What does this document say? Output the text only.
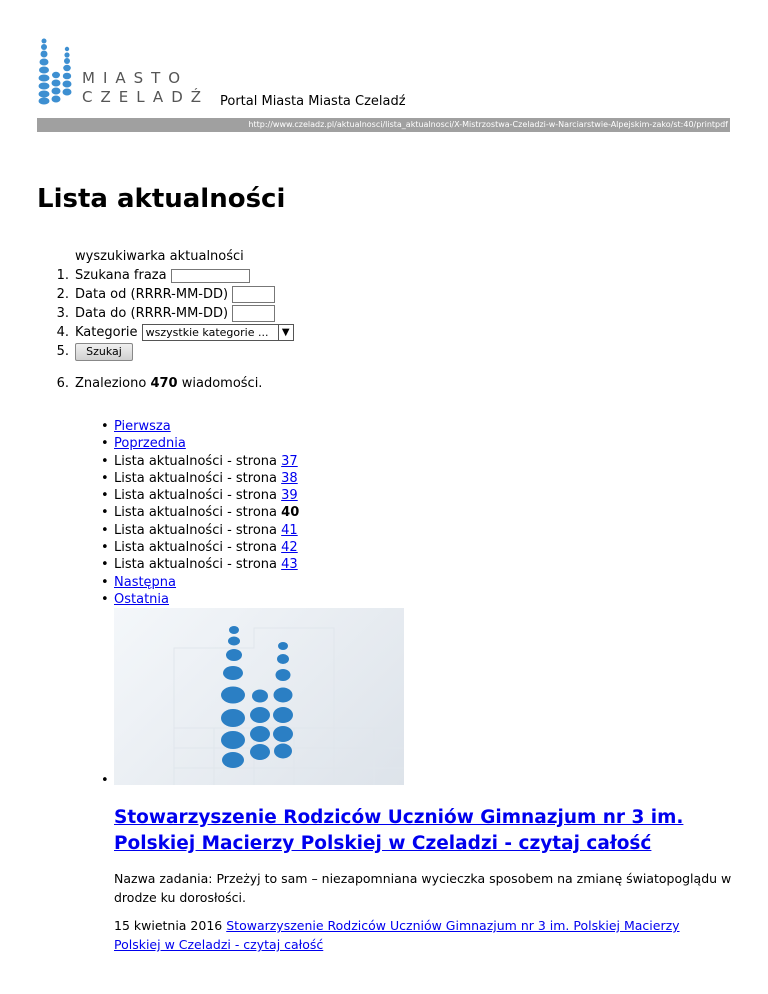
MIASTO
CZELADŹ Portal Miasta Miasta Czeladź
http://www.czeladz.pl/aktualnosci/lista_aktualnosci/X-Mistrzostwa-Czeladzi-w-Narciarstwie-Alpejskim-zako/st:40/printpdf
Lista aktualności
wyszukiwarka aktualności
1. Szukana fraza
2. Data od (RRRR-MM-DD)
3. Data do (RRRR-MM-DD)
4. Kategorie wszystkie kategorie ...	▼
5. Szukaj
6. Znaleziono 470 wiadomości.
• Pierwsza
• Poprzednia
• Lista aktualności - strona 37
• Lista aktualności - strona 38
• Lista aktualności - strona 39
• Lista aktualności - strona 40
• Lista aktualności - strona 41
• Lista aktualności - strona 42
• Lista aktualności - strona 43
• Następna
• Ostatnia
•
Stowarzyszenie Rodziców Uczniów Gimnazjum nr 3 im. Polskiej Macierzy Polskiej w Czeladzi - czytaj całość

Nazwa zadania: Przeżyj to sam – niezapomniana wycieczka sposobem na zmianę światopoglądu w drodze ku dorosłości.

15 kwietnia 2016 Stowarzyszenie Rodziców Uczniów Gimnazjum nr 3 im. Polskiej Macierzy Polskiej w Czeladzi - czytaj całość
